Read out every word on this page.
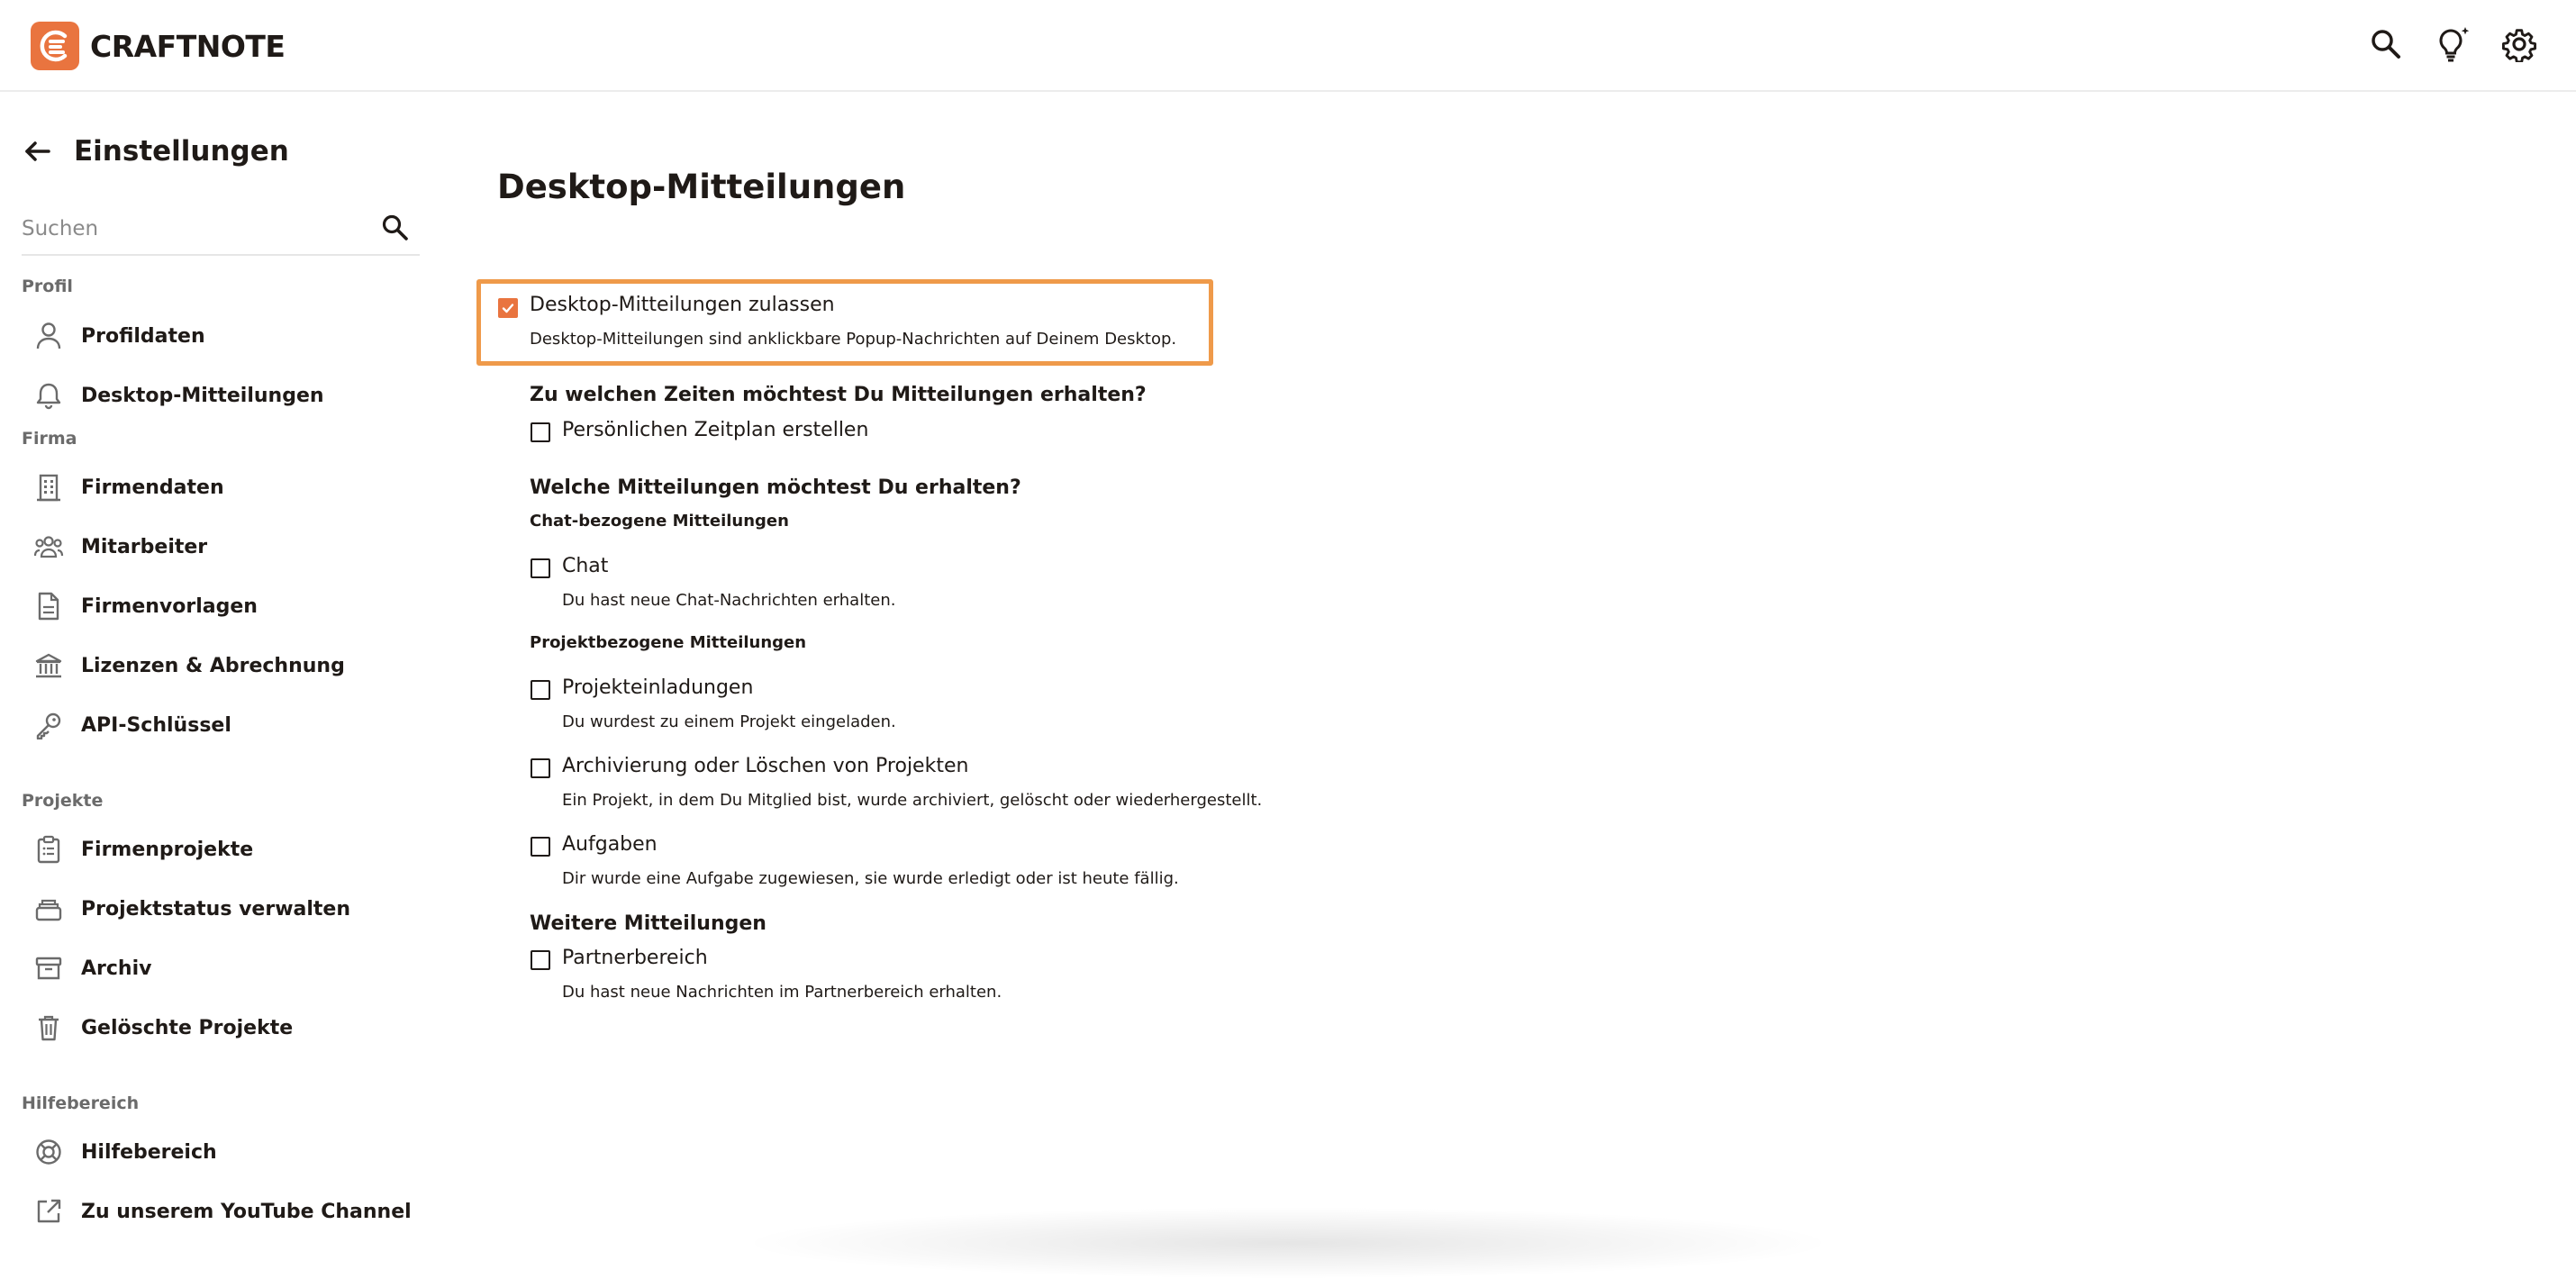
CRAFTNOTE
Einstellungen
Suchen
Profil
Profildaten
Desktop-Mitteilungen
Firma
Firmendaten
Mitarbeiter
Firmenvorlagen
Lizenzen & Abrechnung
API-Schlüssel
Projekte
Firmenprojekte
Projektstatus verwalten
Archiv
Gelöschte Projekte
Hilfebereich
Hilfebereich
Zu unserem YouTube Channel
Desktop-Mitteilungen
Desktop-Mitteilungen zulassen
Desktop-Mitteilungen sind anklickbare Popup-Nachrichten auf Deinem Desktop.
Zu welchen Zeiten möchtest Du Mitteilungen erhalten?
Persönlichen Zeitplan erstellen
Welche Mitteilungen möchtest Du erhalten?
Chat-bezogene Mitteilungen
Chat
Du hast neue Chat-Nachrichten erhalten.
Projektbezogene Mitteilungen
Projekteinladungen
Du wurdest zu einem Projekt eingeladen.
Archivierung oder Löschen von Projekten
Ein Projekt, in dem Du Mitglied bist, wurde archiviert, gelöscht oder wiederhergestellt.
Aufgaben
Dir wurde eine Aufgabe zugewiesen, sie wurde erledigt oder ist heute fällig.
Weitere Mitteilungen
Partnerbereich
Du hast neue Nachrichten im Partnerbereich erhalten.
